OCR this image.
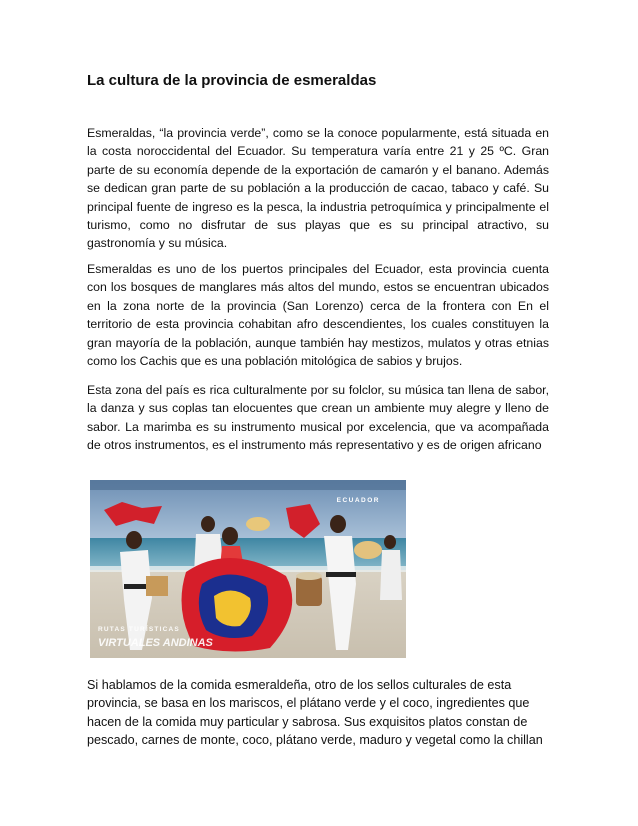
La cultura de la provincia de esmeraldas

Esmeraldas, “la provincia verde”, como se la conoce popularmente, está situada en la costa noroccidental del Ecuador. Su temperatura varía entre 21 y 25 ºC. Gran parte de su economía depende de la exportación de camarón y el banano. Además se dedican gran parte de su población a la producción de cacao, tabaco y café. Su principal fuente de ingreso es la pesca, la industria petroquímica y principalmente el turismo, como no disfrutar de sus playas que es su principal atractivo, su gastronomía y su música.

Esmeraldas es uno de los puertos principales del Ecuador, esta provincia cuenta con los bosques de manglares más altos del mundo, estos se encuentran ubicados en la zona norte de la provincia (San Lorenzo) cerca de la frontera con En el territorio de esta provincia cohabitan afro descendientes, los cuales constituyen la gran mayoría de la población, aunque también hay mestizos, mulatos y otras etnias como los Cachis que es una población mitológica de sabios y brujos.

Esta zona del país es rica culturalmente por su folclor, su música tan llena de sabor, la danza y sus coplas tan elocuentes que crean un ambiente muy alegre y lleno de sabor. La marimba es su instrumento musical por excelencia, que va acompañada de otros instrumentos, es el instrumento más representativo y es de origen africano

ECUADOR
RUTAS TURÍSTICAS
VIRTUALES ANDINAS

Si hablamos de la comida esmeraldeña, otro de los sellos culturales de esta provincia, se basa en los mariscos, el plátano verde y el coco, ingredientes que hacen de la comida muy particular y sabrosa. Sus exquisitos platos constan de pescado, carnes de monte, coco, plátano verde, maduro y vegetal como la chillan
